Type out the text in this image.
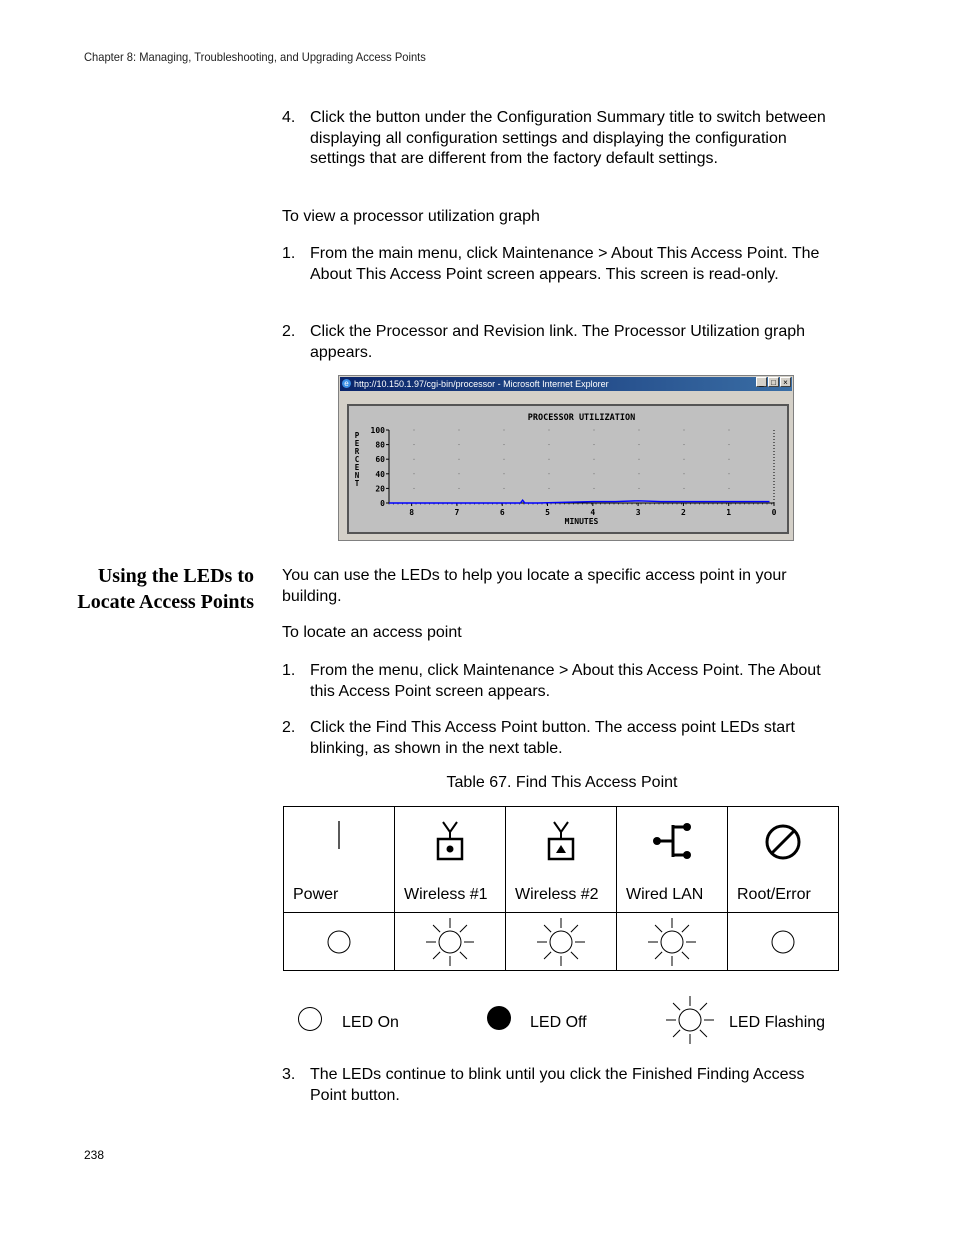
Chapter 8: Managing, Troubleshooting, and Upgrading Access Points
4. Click the button under the Configuration Summary title to switch between displaying all configuration settings and displaying the configuration settings that are different from the factory default settings.
To view a processor utilization graph
1. From the main menu, click Maintenance > About This Access Point. The About This Access Point screen appears. This screen is read-only.
2. Click the Processor and Revision link. The Processor Utilization graph appears.
e http://10.150.1.97/cgi-bin/processor - Microsoft Internet Explorer	_ □ ×
PROCESSOR UTILIZATION
100
80
60
40
20
0
8	7	6	5	4	3	2	1	0
MINUTES
P
E
R
C
E
N
T
Using the LEDs to Locate Access Points
You can use the LEDs to help you locate a specific access point in your building.
To locate an access point
1. From the menu, click Maintenance > About this Access Point. The About this Access Point screen appears.
2. Click the Find This Access Point button. The access point LEDs start blinking, as shown in the next table.
Table 67. Find This Access Point
Power	Wireless #1	Wireless #2	Wired LAN	Root/Error

LED On	LED Off	LED Flashing
3. The LEDs continue to blink until you click the Finished Finding Access Point button.
238
